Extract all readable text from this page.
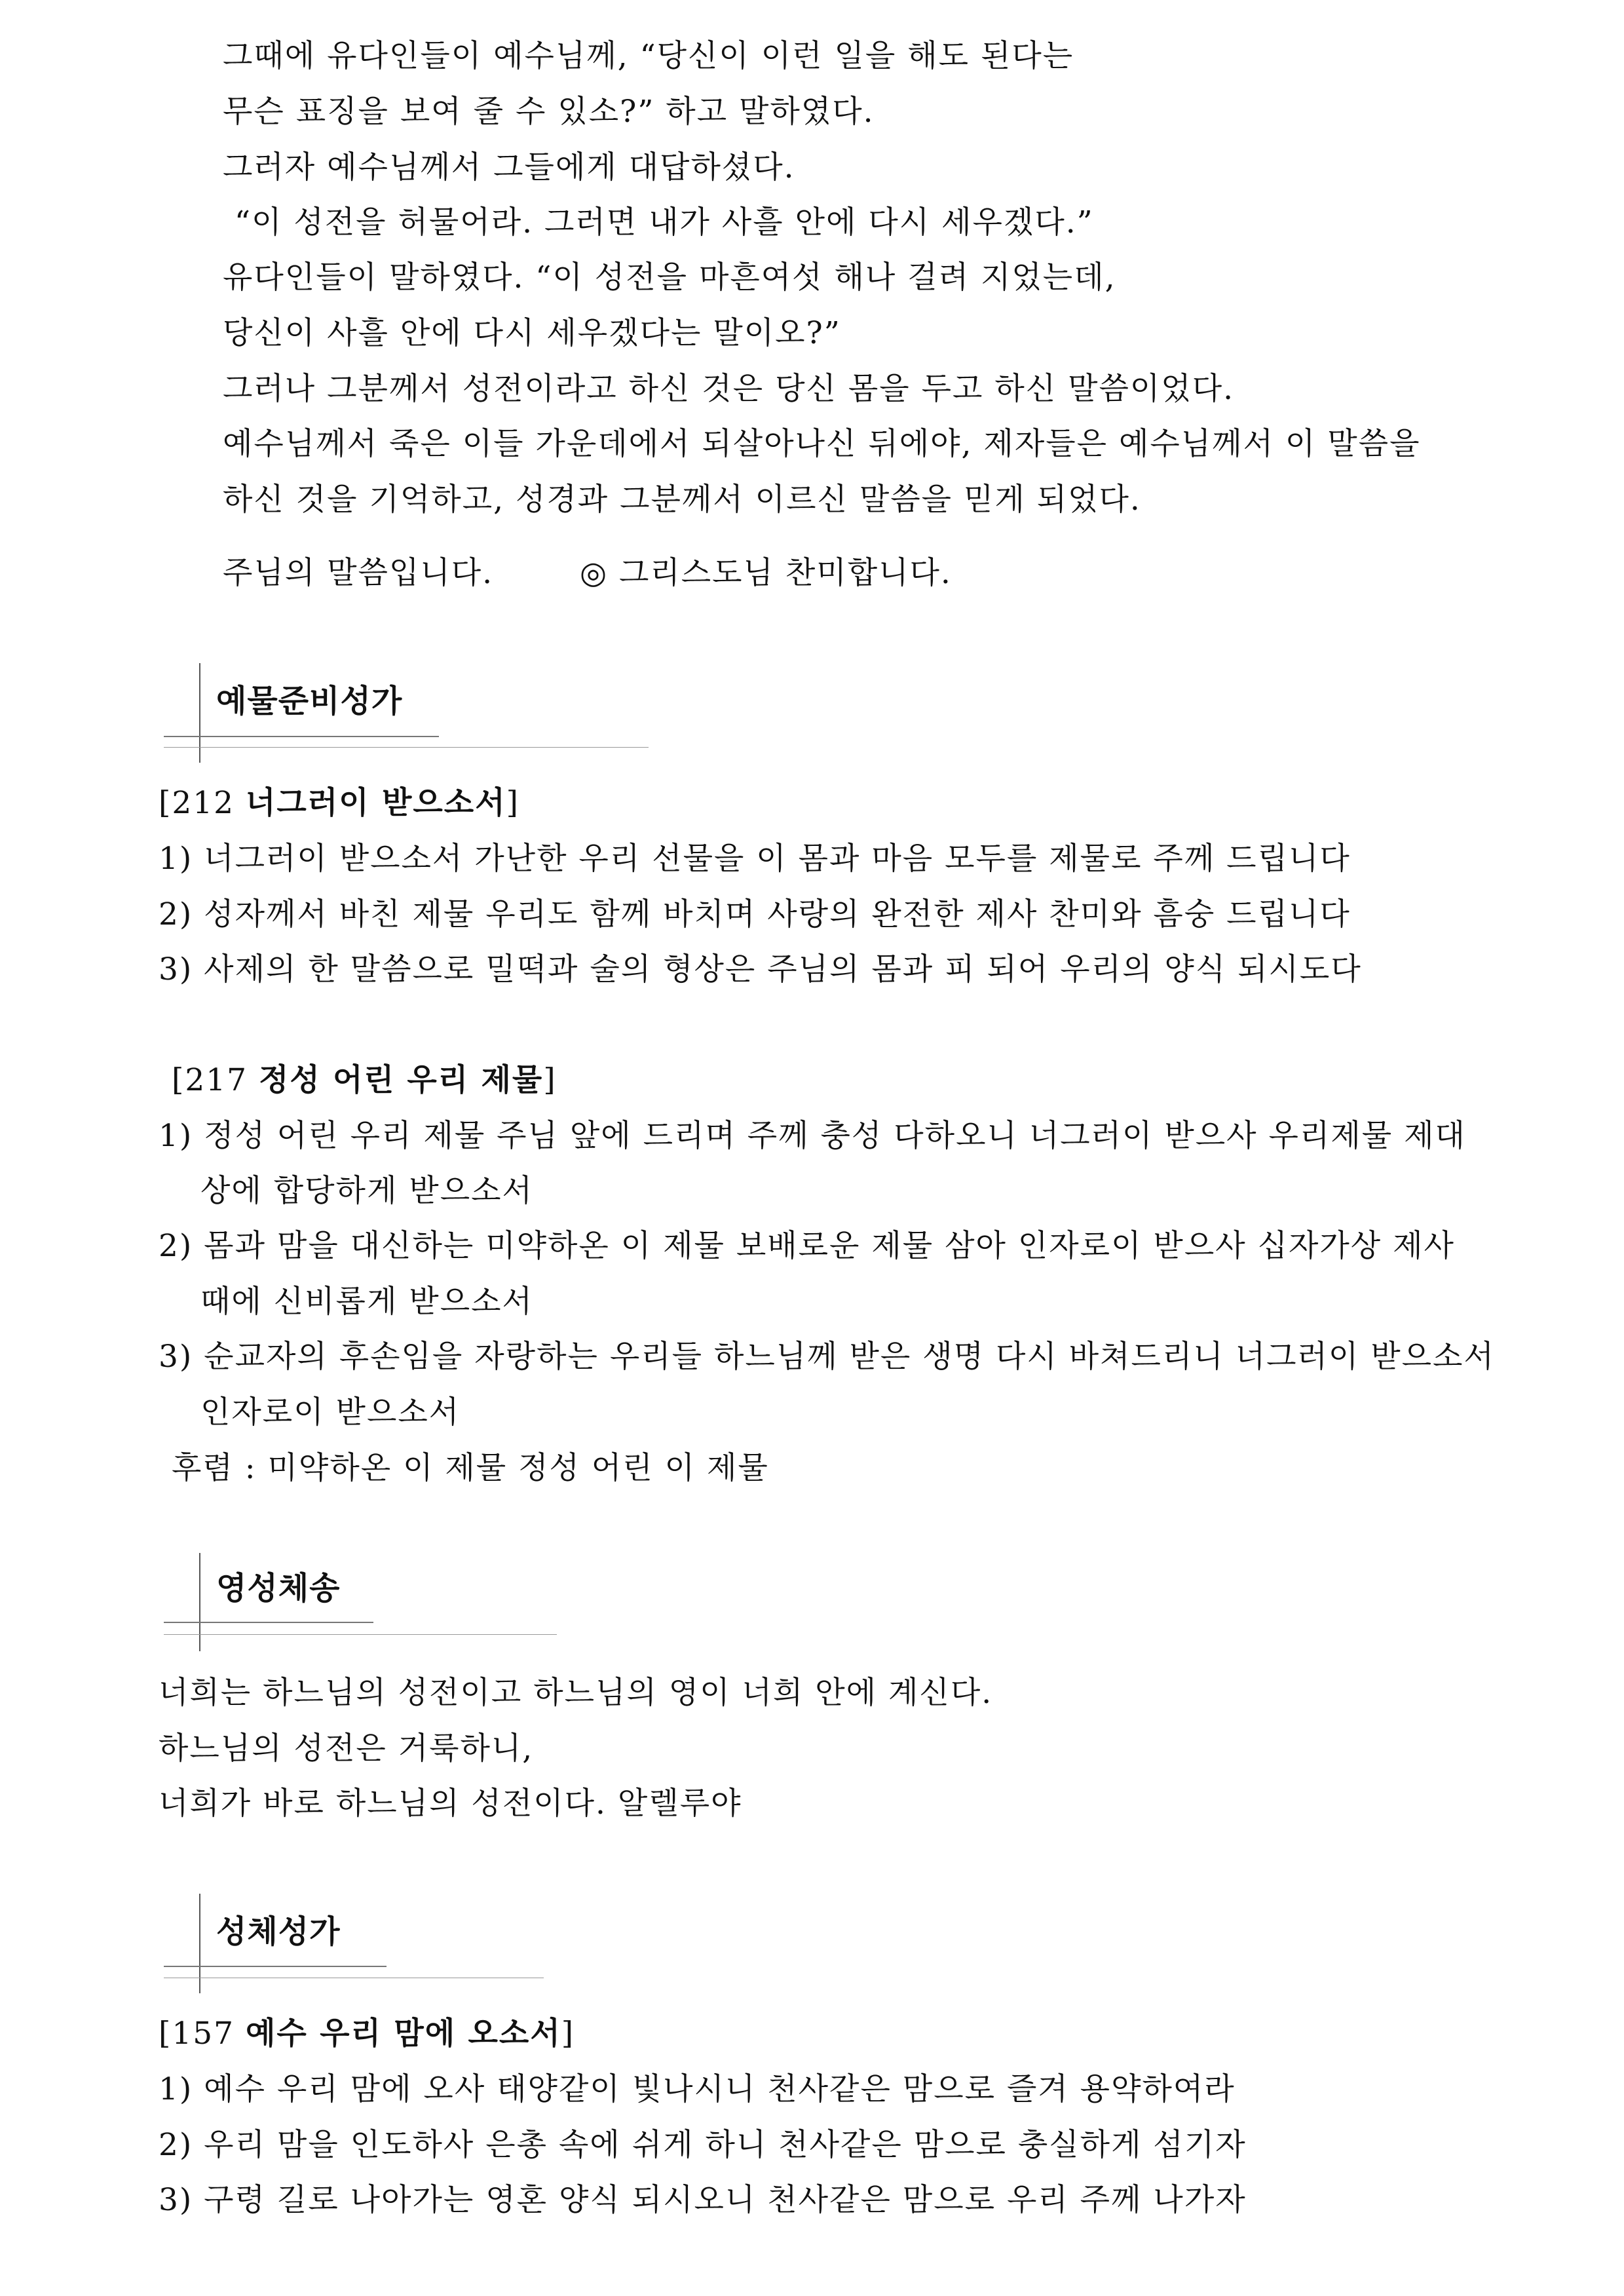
그때에 유다인들이 예수님께, “당신이 이런 일을 해도 된다는
무슨 표징을 보여 줄 수 있소?” 하고 말하였다.
그러자 예수님께서 그들에게 대답하셨다.
“이 성전을 허물어라. 그러면 내가 사흘 안에 다시 세우겠다.”
유다인들이 말하였다. “이 성전을 마흔여섯 해나 걸려 지었는데,
당신이 사흘 안에 다시 세우겠다는 말이오?”
그러나 그분께서 성전이라고 하신 것은 당신 몸을 두고 하신 말씀이었다.
예수님께서 죽은 이들 가운데에서 되살아나신 뒤에야, 제자들은 예수님께서 이 말씀을
하신 것을 기억하고, 성경과 그분께서 이르신 말씀을 믿게 되었다.
주님의 말씀입니다.	◎ 그리스도님 찬미합니다.
예물준비성가
[212 너그러이 받으소서]
1) 너그러이 받으소서 가난한 우리 선물을 이 몸과 마음 모두를 제물로 주께 드립니다
2) 성자께서 바친 제물 우리도 함께 바치며 사랑의 완전한 제사 찬미와 흠숭 드립니다
3) 사제의 한 말씀으로 밀떡과 술의 형상은 주님의 몸과 피 되어 우리의 양식 되시도다
[217 정성 어린 우리 제물]
1) 정성 어린 우리 제물 주님 앞에 드리며 주께 충성 다하오니 너그러이 받으사 우리제물 제대
상에 합당하게 받으소서
2) 몸과 맘을 대신하는 미약하온 이 제물 보배로운 제물 삼아 인자로이 받으사 십자가상 제사
때에 신비롭게 받으소서
3) 순교자의 후손임을 자랑하는 우리들 하느님께 받은 생명 다시 바쳐드리니 너그러이 받으소서
인자로이 받으소서
후렴 : 미약하온 이 제물 정성 어린 이 제물
영성체송
너희는 하느님의 성전이고 하느님의 영이 너희 안에 계신다.
하느님의 성전은 거룩하니,
너희가 바로 하느님의 성전이다. 알렐루야
성체성가
[157 예수 우리 맘에 오소서]
1) 예수 우리 맘에 오사 태양같이 빛나시니 천사같은 맘으로 즐겨 용약하여라
2) 우리 맘을 인도하사 은총 속에 쉬게 하니 천사같은 맘으로 충실하게 섬기자
3) 구령 길로 나아가는 영혼 양식 되시오니 천사같은 맘으로 우리 주께 나가자
